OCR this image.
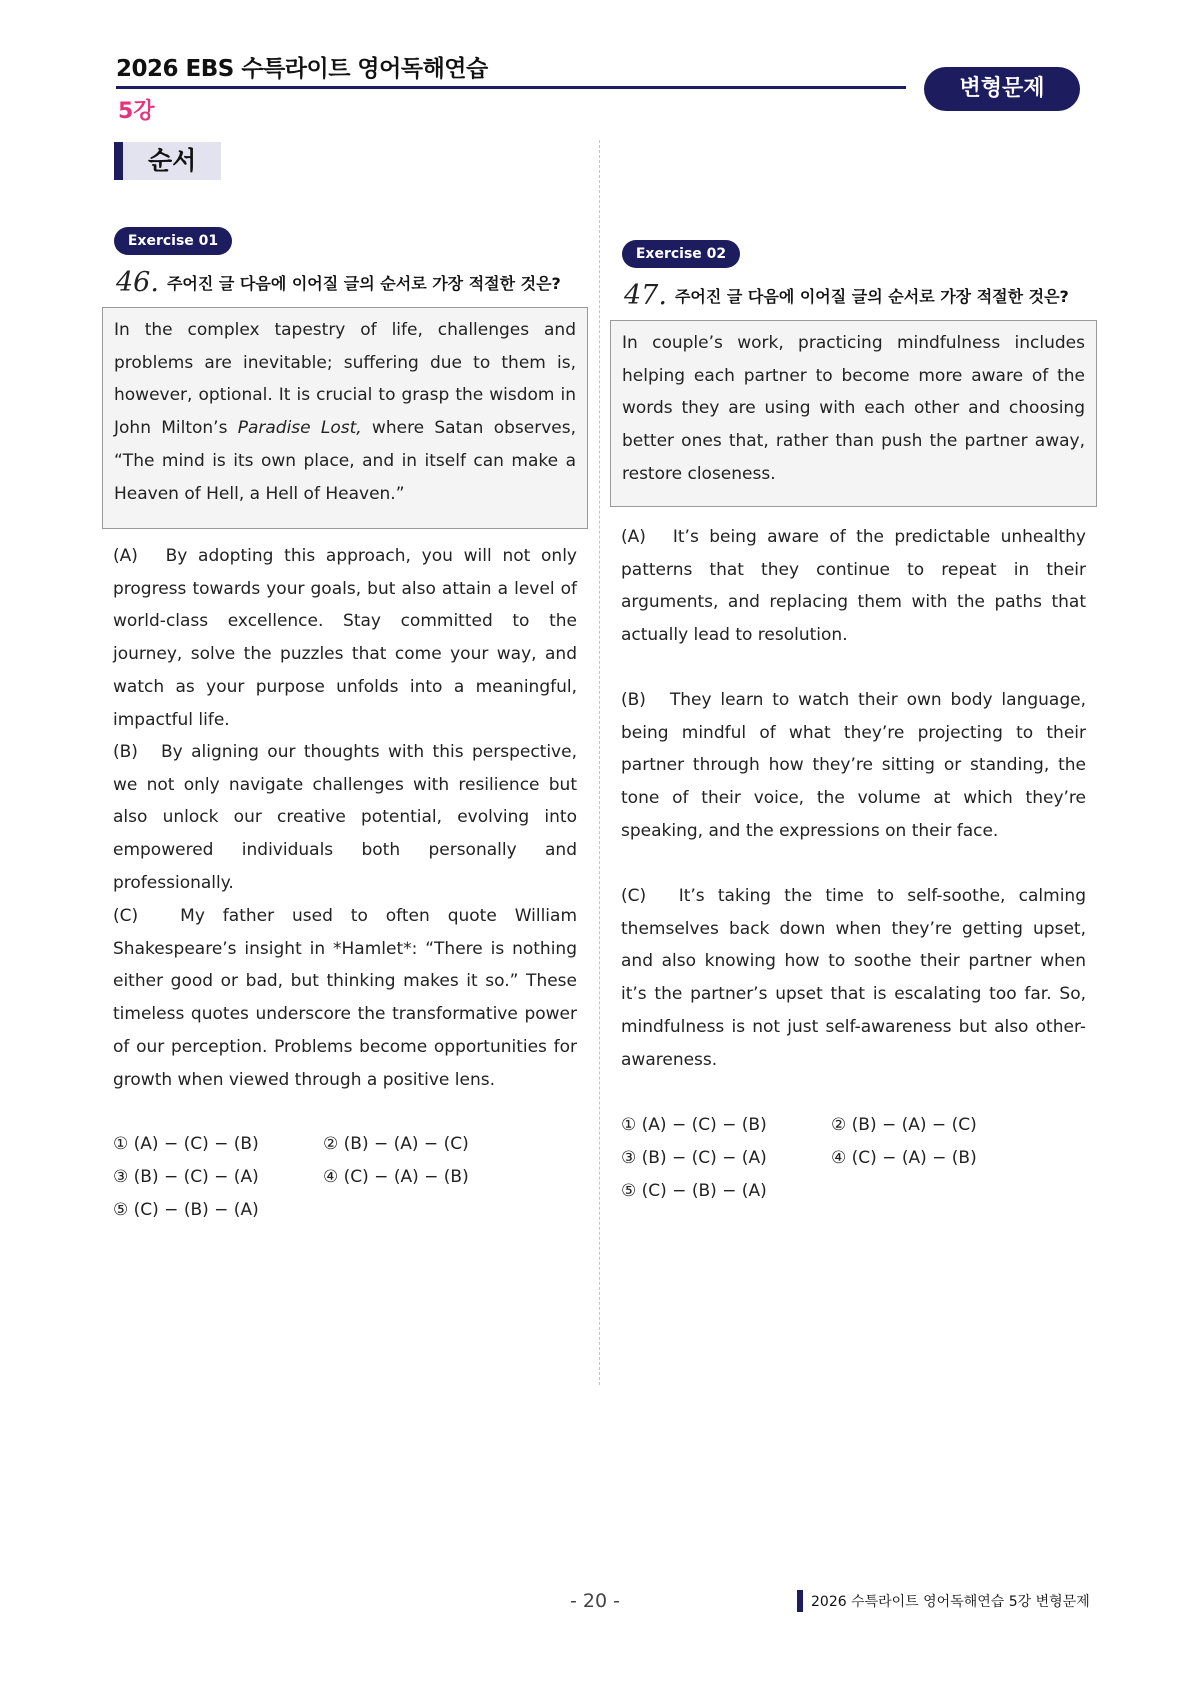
2026 EBS 수특라이트 영어독해연습
5강
변형문제
순서
Exercise 01
46. 주어진 글 다음에 이어질 글의 순서로 가장 적절한 것은?

In the complex tapestry of life, challenges and problems are inevitable; suffering due to them is, however, optional. It is crucial to grasp the wisdom in John Milton’s Paradise Lost, where Satan observes, “The mind is its own place, and in itself can make a Heaven of Hell, a Hell of Heaven.”

(A)　By adopting this approach, you will not only progress towards your goals, but also attain a level of world-class excellence. Stay committed to the journey, solve the puzzles that come your way, and watch as your purpose unfolds into a meaningful, impactful life.

(B)　By aligning our thoughts with this perspective, we not only navigate challenges with resilience but also unlock our creative potential, evolving into empowered individuals both personally and professionally.

(C)　My father used to often quote William Shakespeare’s insight in *Hamlet*: “There is nothing either good or bad, but thinking makes it so.” These timeless quotes underscore the transformative power of our perception. Problems become opportunities for growth when viewed through a positive lens.

① (A) − (C) − (B)	② (B) − (A) − (C)
③ (B) − (C) − (A)	④ (C) − (A) − (B)
⑤ (C) − (B) − (A)
Exercise 02
47. 주어진 글 다음에 이어질 글의 순서로 가장 적절한 것은?

In couple’s work, practicing mindfulness includes helping each partner to become more aware of the words they are using with each other and choosing better ones that, rather than push the partner away, restore closeness.

(A)　It’s being aware of the predictable unhealthy patterns that they continue to repeat in their arguments, and replacing them with the paths that actually lead to resolution.

(B)　They learn to watch their own body language, being mindful of what they’re projecting to their partner through how they’re sitting or standing, the tone of their voice, the volume at which they’re speaking, and the expressions on their face.

(C)　It’s taking the time to self-soothe, calming themselves back down when they’re getting upset, and also knowing how to soothe their partner when it’s the partner’s upset that is escalating too far. So, mindfulness is not just self-awareness but also other-awareness.

① (A) − (C) − (B)	② (B) − (A) − (C)
③ (B) − (C) − (A)	④ (C) − (A) − (B)
⑤ (C) − (B) − (A)
- 20 -	2026 수특라이트 영어독해연습 5강 변형문제
